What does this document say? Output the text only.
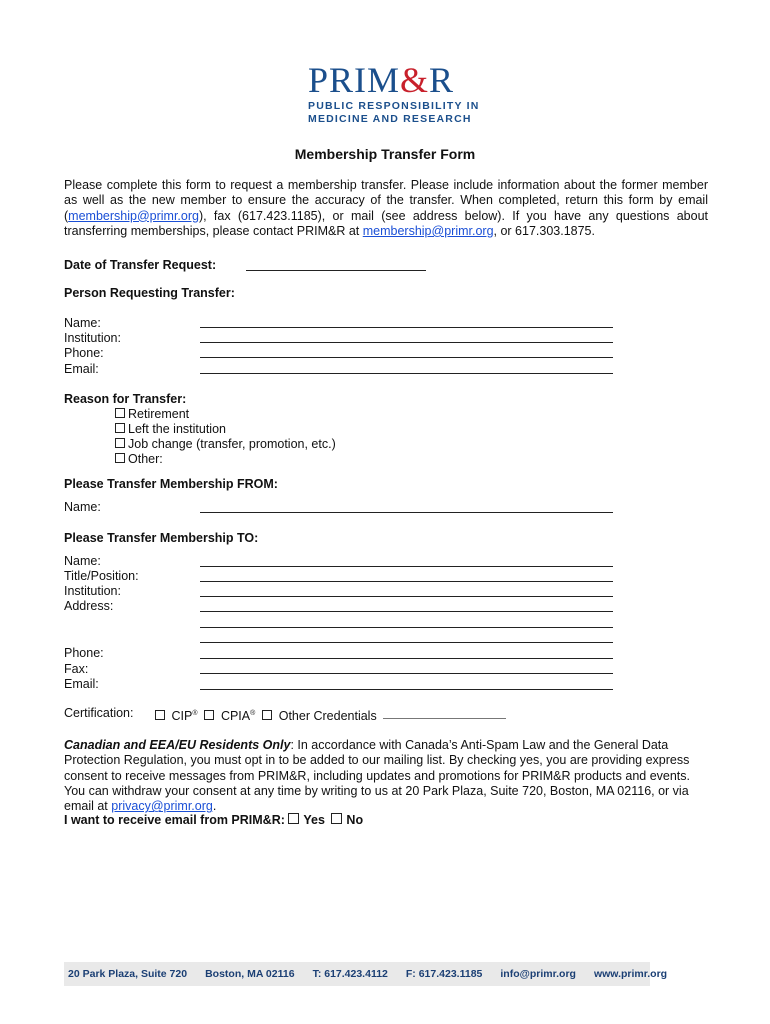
PRIM&R
PUBLIC RESPONSIBILITY IN
MEDICINE AND RESEARCH
Membership Transfer Form
Please complete this form to request a membership transfer. Please include information about the former member as well as the new member to ensure the accuracy of the transfer. When completed, return this form by email (membership@primr.org), fax (617.423.1185), or mail (see address below). If you have any questions about transferring memberships, please contact PRIM&R at membership@primr.org, or 617.303.1875.
Date of Transfer Request:
Person Requesting Transfer:
Name:
Institution:
Phone:
Email:
Reason for Transfer:
Retirement
Left the institution
Job change (transfer, promotion, etc.)
Other:
Please Transfer Membership FROM:
Name:
Please Transfer Membership TO:
Name:
Title/Position:
Institution:
Address:
Phone:
Fax:
Email:
Certification:	CIP® CPIA® Other Credentials
Canadian and EEA/EU Residents Only: In accordance with Canada’s Anti-Spam Law and the General Data Protection Regulation, you must opt in to be added to our mailing list. By checking yes, you are providing express consent to receive messages from PRIM&R, including updates and promotions for PRIM&R products and events. You can withdraw your consent at any time by writing to us at 20 Park Plaza, Suite 720, Boston, MA 02116, or via email at privacy@primr.org.
I want to receive email from PRIM&R: Yes No
20 Park Plaza, Suite 720 Boston, MA 02116 T: 617.423.4112 F: 617.423.1185 info@primr.org www.primr.org
